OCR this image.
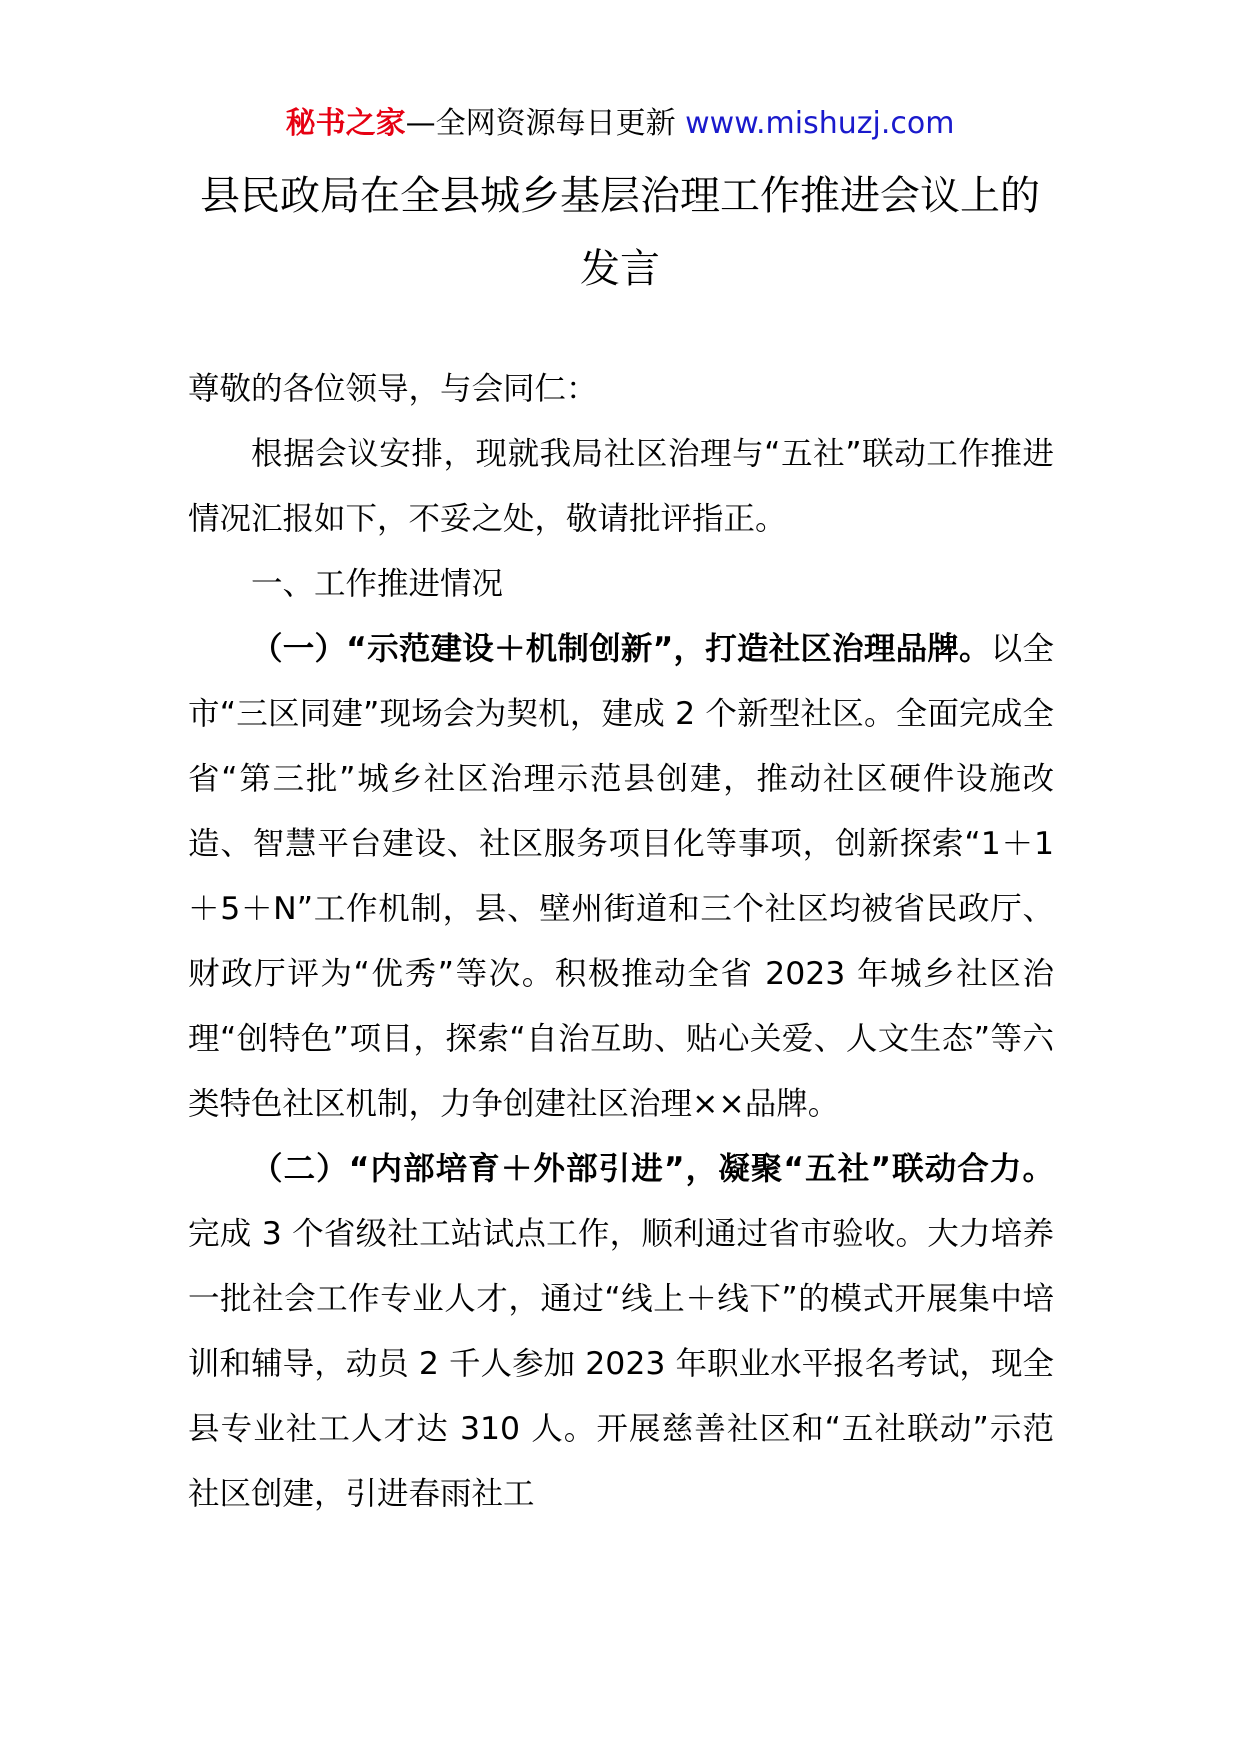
秘书之家—全网资源每日更新 www.mishuzj.com
县民政局在全县城乡基层治理工作推进会议上的发言

尊敬的各位领导，与会同仁：

根据会议安排，现就我局社区治理与“五社”联动工作推进情况汇报如下，不妥之处，敬请批评指正。

一、工作推进情况

（一）“示范建设＋机制创新”，打造社区治理品牌。以全市“三区同建”现场会为契机，建成 2 个新型社区。全面完成全省“第三批”城乡社区治理示范县创建，推动社区硬件设施改造、智慧平台建设、社区服务项目化等事项，创新探索“1＋1＋5＋N”工作机制，县、壁州街道和三个社区均被省民政厅、财政厅评为“优秀”等次。积极推动全省 2023 年城乡社区治理“创特色”项目，探索“自治互助、贴心关爱、人文生态”等六类特色社区机制，力争创建社区治理××品牌。

（二）“内部培育＋外部引进”，凝聚“五社”联动合力。完成 3 个省级社工站试点工作，顺利通过省市验收。大力培养一批社会工作专业人才，通过“线上＋线下”的模式开展集中培训和辅导，动员 2 千人参加 2023 年职业水平报名考试，现全县专业社工人才达 310 人。开展慈善社区和“五社联动”示范社区创建，引进春雨社工
